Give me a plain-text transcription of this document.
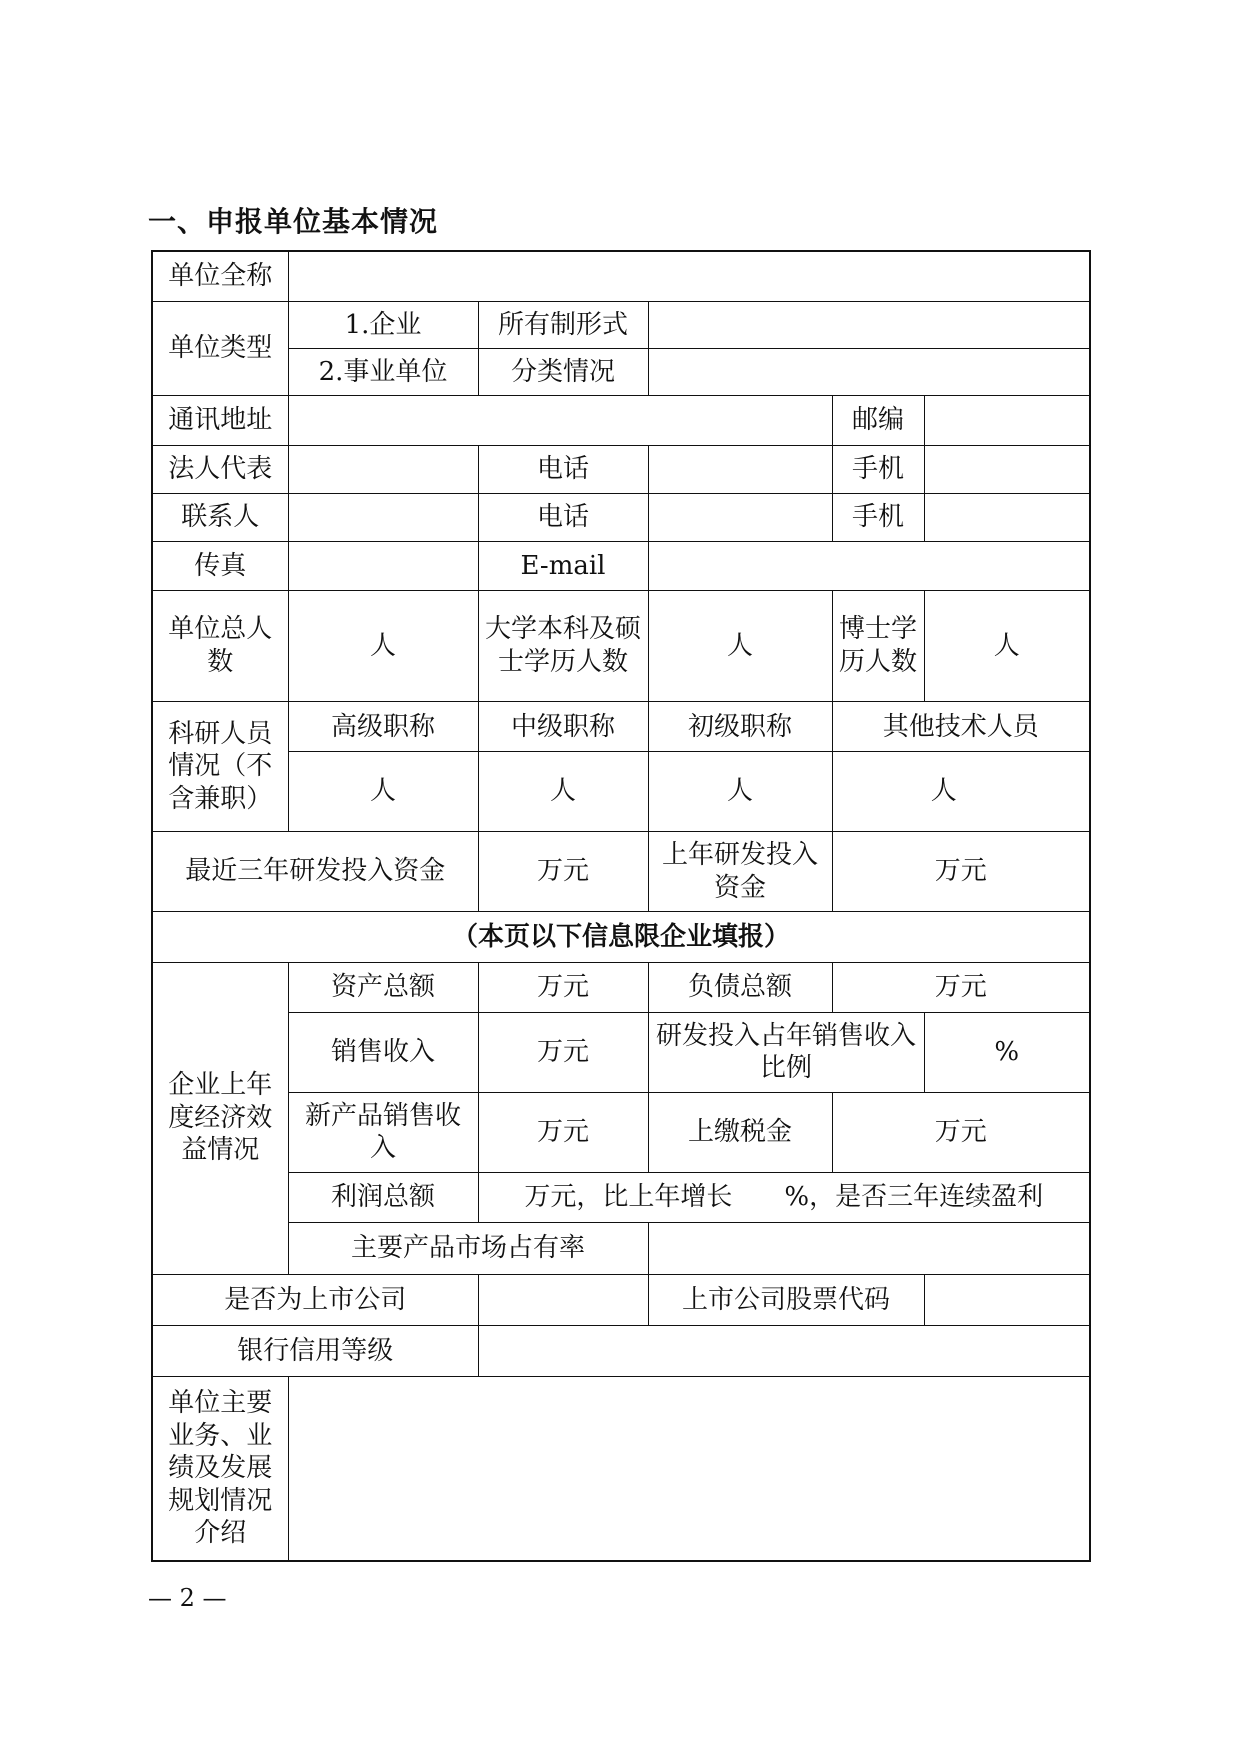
一、申报单位基本情况
单位全称					
单位类型	1.企业	所有制形式			
	2.事业单位	分类情况			
通讯地址				邮编	
法人代表		电话		手机	
联系人		电话		手机	
传真		E-mail			
单位总人数	人	大学本科及硕士学历人数	人	博士学历人数	人
科研人员情况（不含兼职）	高级职称	中级职称	初级职称	其他技术人员	
	人	人	人	人	
最近三年研发投入资金		万元	上年研发投入资金	万元	
（本页以下信息限企业填报）					
企业上年度经济效益情况	资产总额	万元	负债总额	万元	
	销售收入	万元	研发投入占年销售收入比例		%
	新产品销售收入	万元	上缴税金	万元	
	利润总额	万元，比上年增长　　%，是否三年连续盈利			
	主要产品市场占有率				
是否为上市公司			上市公司股票代码		
银行信用等级					
单位主要业务、业绩及发展规划情况介绍					
— 2 —
